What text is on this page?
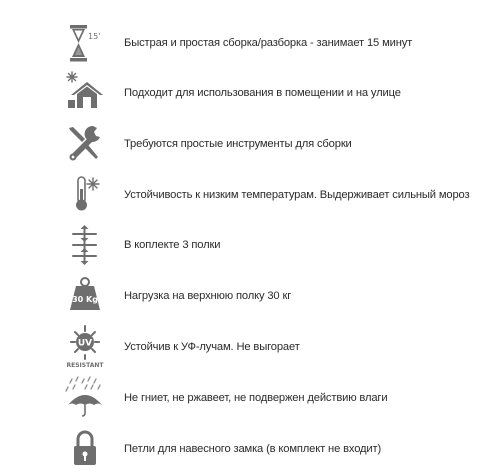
15'
Быстрая и простая сборка/разборка - занимает 15 минут
Подходит для использования в помещении и на улице
Требуются простые инструменты для сборки
Устойчивость к низким температурам. Выдерживает сильный мороз
В коплекте 3 полки
30 Kg Нагрузка на верхнюю полку 30 кг
UV
RESISTANT
Устойчив к УФ-лучам. Не выгорает
Не гниет, не ржавеет, не подвержен действию влаги
Петли для навесного замка (в комплект не входит)
